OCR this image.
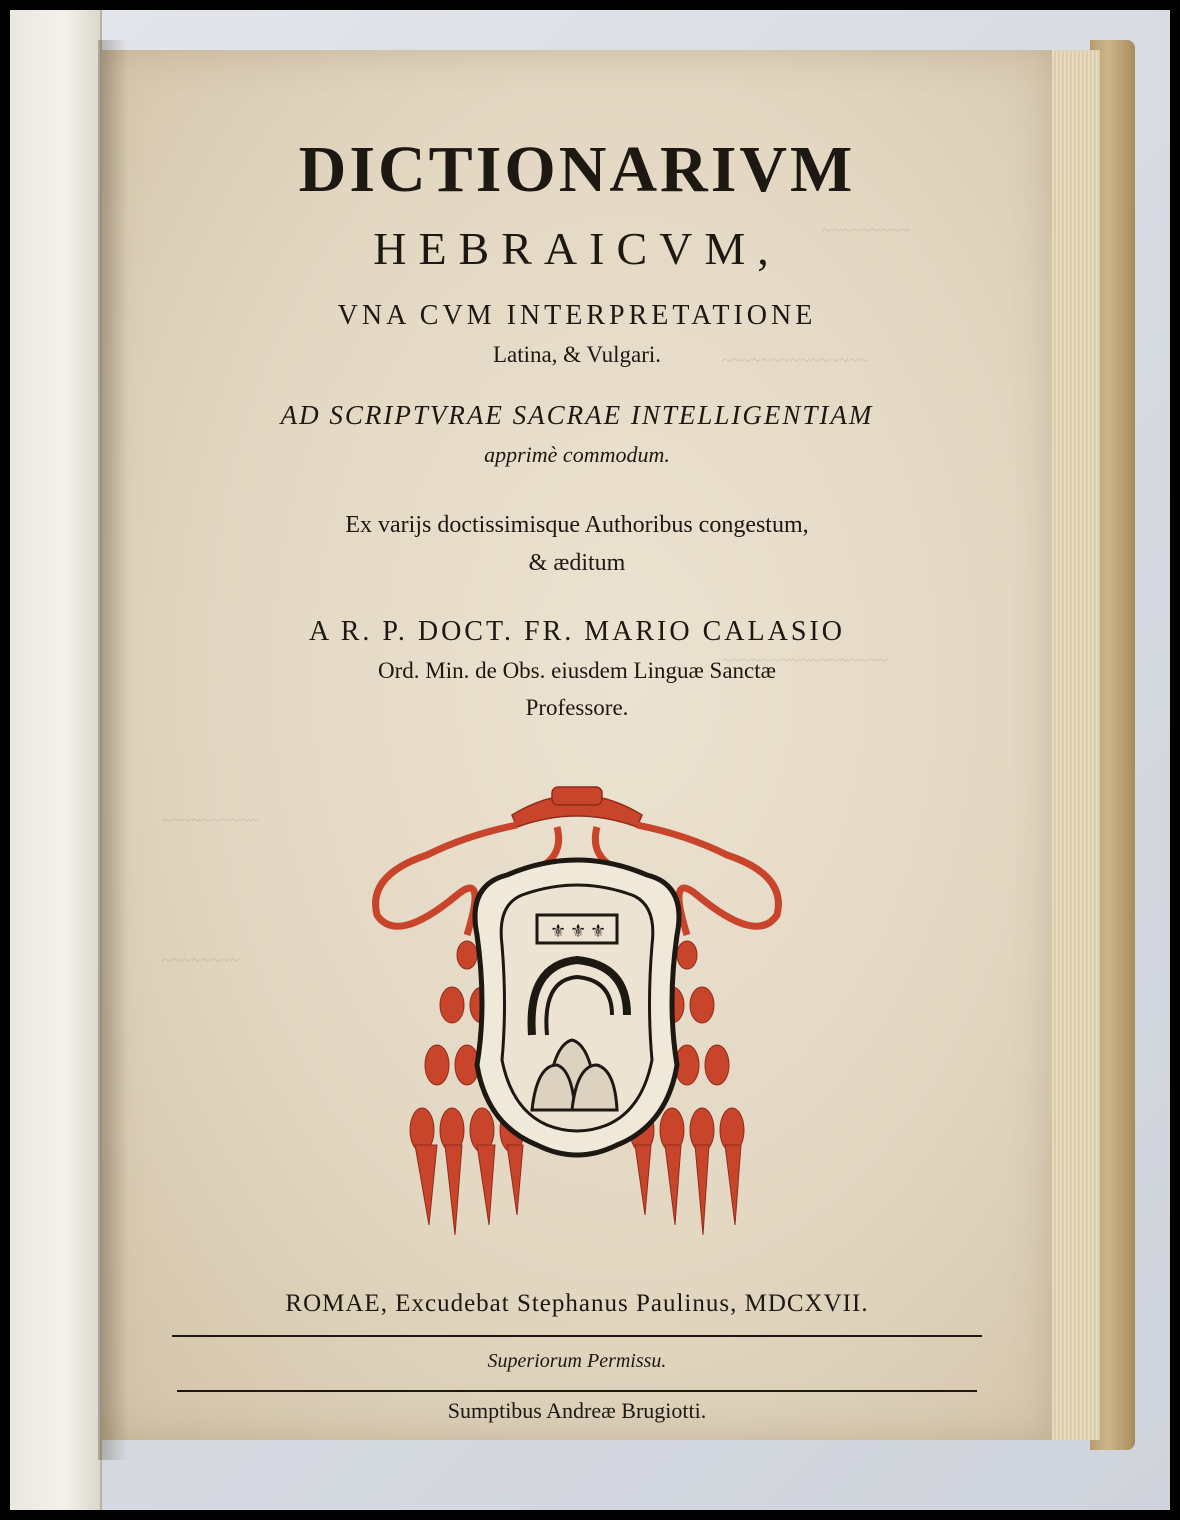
~~~~~~~~~
~~~~~~~~~~~~~~~
~~~~~~~~~~~~~~~~~
~~~~~~~~~~
~~~~~~~~
DICTIONARIVM
HEBRAICVM,
VNA CVM INTERPRETATIONE
Latina, & Vulgari.
AD SCRIPTVRAE SACRAE INTELLIGENTIAM
apprimè commodum.
Ex varijs doctissimisque Authoribus congestum,
& æditum
A R. P. DOCT. FR. MARIO CALASIO
Ord. Min. de Obs. eiusdem Linguæ Sanctæ
Professore.
⚜ ⚜ ⚜
ROMAE, Excudebat Stephanus Paulinus, MDCXVII.
Superiorum Permissu.
Sumptibus Andreæ Brugiotti.
